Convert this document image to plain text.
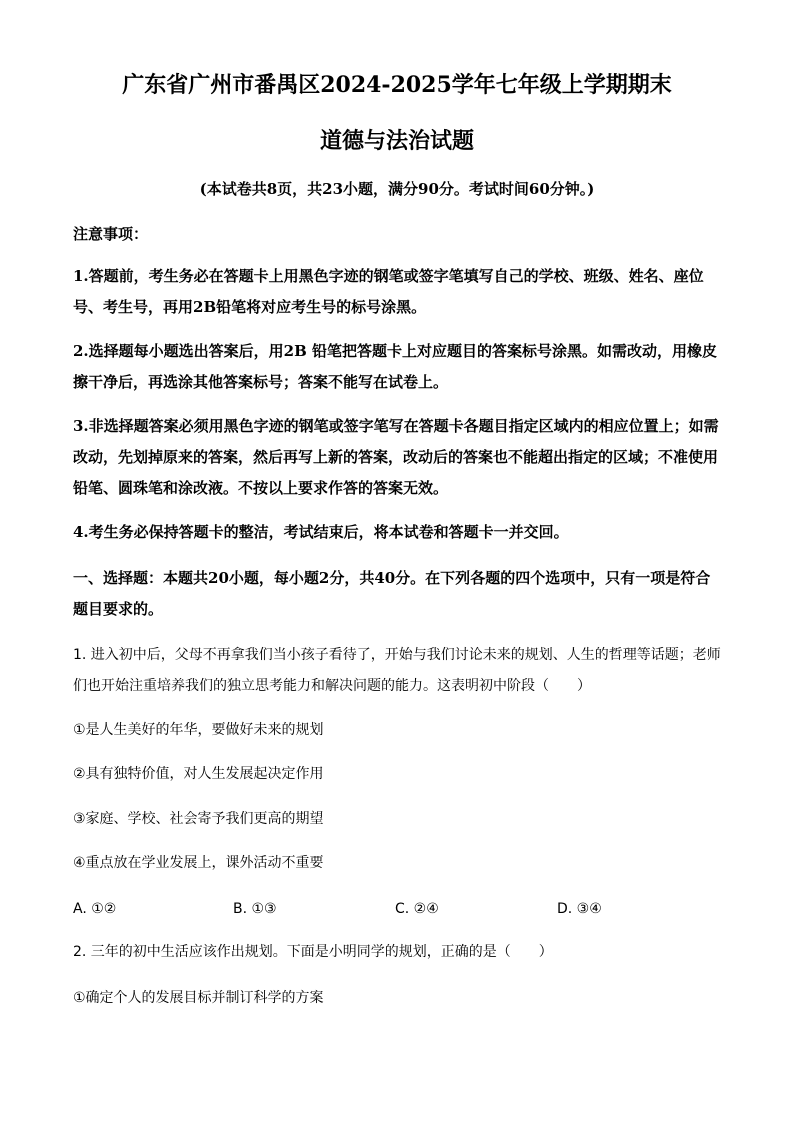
广东省广州市番禺区2024-2025学年七年级上学期期末
道德与法治试题
(本试卷共8页，共23小题，满分90分。考试时间60分钟。)
注意事项：
1.答题前，考生务必在答题卡上用黑色字迹的钢笔或签字笔填写自己的学校、班级、姓名、座位号、考生号，再用2B铅笔将对应考生号的标号涂黑。
2.选择题每小题选出答案后，用2B 铅笔把答题卡上对应题目的答案标号涂黑。如需改动，用橡皮擦干净后，再选涂其他答案标号；答案不能写在试卷上。
3.非选择题答案必须用黑色字迹的钢笔或签字笔写在答题卡各题目指定区域内的相应位置上；如需改动，先划掉原来的答案，然后再写上新的答案，改动后的答案也不能超出指定的区域；不准使用铅笔、圆珠笔和涂改液。不按以上要求作答的答案无效。
4.考生务必保持答题卡的整洁，考试结束后，将本试卷和答题卡一并交回。
一、选择题：本题共20小题，每小题2分，共40分。在下列各题的四个选项中，只有一项是符合题目要求的。
1. 进入初中后，父母不再拿我们当小孩子看待了，开始与我们讨论未来的规划、人生的哲理等话题；老师们也开始注重培养我们的独立思考能力和解决问题的能力。这表明初中阶段（　　）
①是人生美好的年华，要做好未来的规划
②具有独特价值，对人生发展起决定作用
③家庭、学校、社会寄予我们更高的期望
④重点放在学业发展上，课外活动不重要
A. ①②	B. ①③	C. ②④	D. ③④
2. 三年的初中生活应该作出规划。下面是小明同学的规划，正确的是（　　）
①确定个人的发展目标并制订科学的方案
